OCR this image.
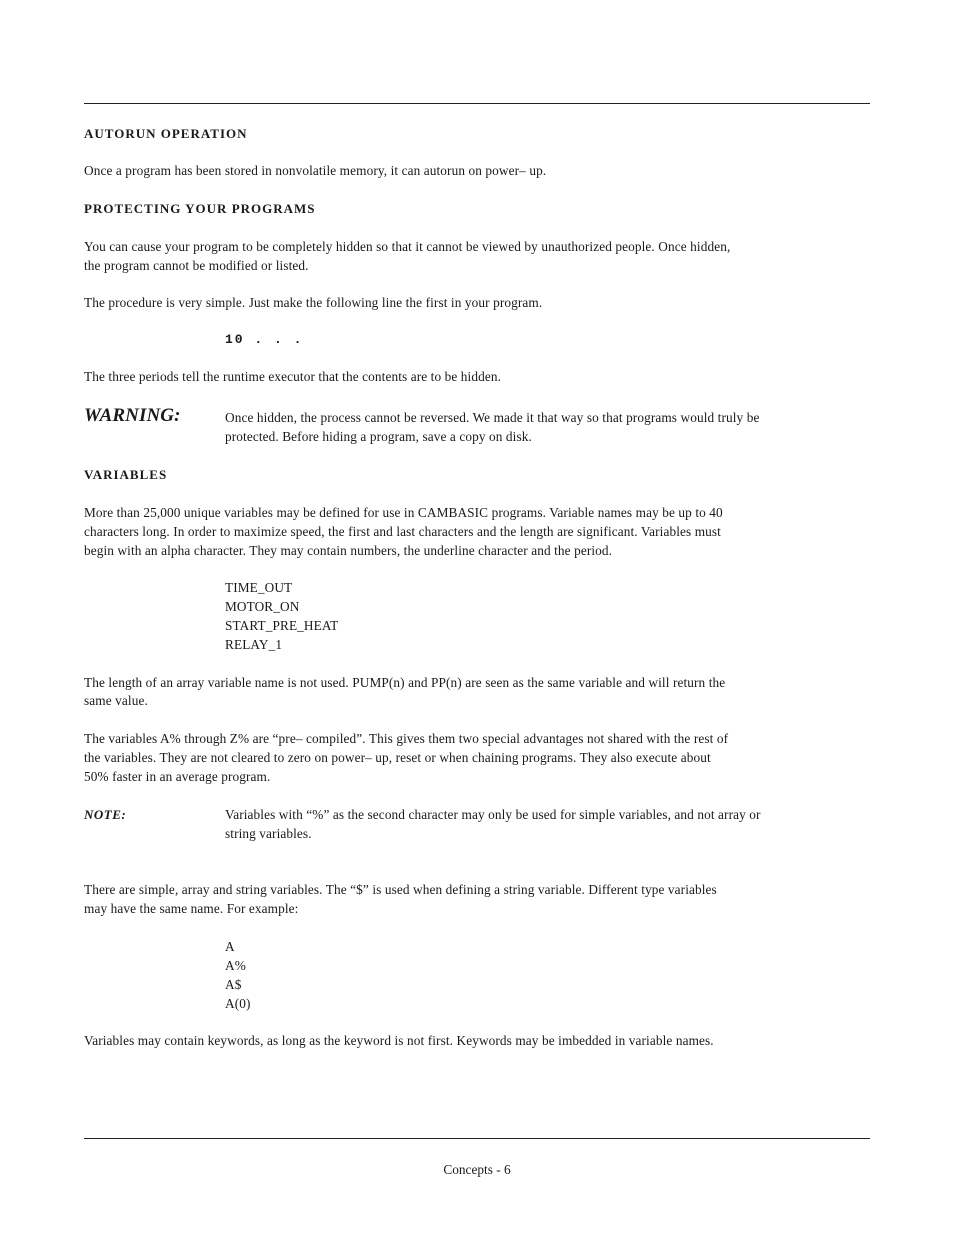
AUTORUN OPERATION
Once a program has been stored in nonvolatile memory, it can autorun on power– up.
PROTECTING YOUR PROGRAMS
You can cause your program to be completely hidden so that it cannot be viewed by unauthorized people. Once hidden,
the program cannot be modified or listed.
The procedure is very simple. Just make the following line the first in your program.
10 . . .
The three periods tell the runtime executor that the contents are to be hidden.
WARNING:	Once hidden, the process cannot be reversed. We made it that way so that programs would truly be
protected. Before hiding a program, save a copy on disk.
VARIABLES
More than 25,000 unique variables may be defined for use in CAMBASIC programs. Variable names may be up to 40
characters long. In order to maximize speed, the first and last characters and the length are significant. Variables must
begin with an alpha character. They may contain numbers, the underline character and the period.
TIME_OUT
MOTOR_ON
START_PRE_HEAT
RELAY_1
The length of an array variable name is not used. PUMP(n) and PP(n) are seen as the same variable and will return the
same value.
The variables A% through Z% are “pre– compiled”. This gives them two special advantages not shared with the rest of
the variables. They are not cleared to zero on power– up, reset or when chaining programs. They also execute about
50% faster in an average program.
NOTE:	Variables with “%” as the second character may only be used for simple variables, and not array or
string variables.
There are simple, array and string variables. The “$” is used when defining a string variable. Different type variables
may have the same name. For example:
A
A%
A$
A(0)
Variables may contain keywords, as long as the keyword is not first. Keywords may be imbedded in variable names.
Concepts - 6
